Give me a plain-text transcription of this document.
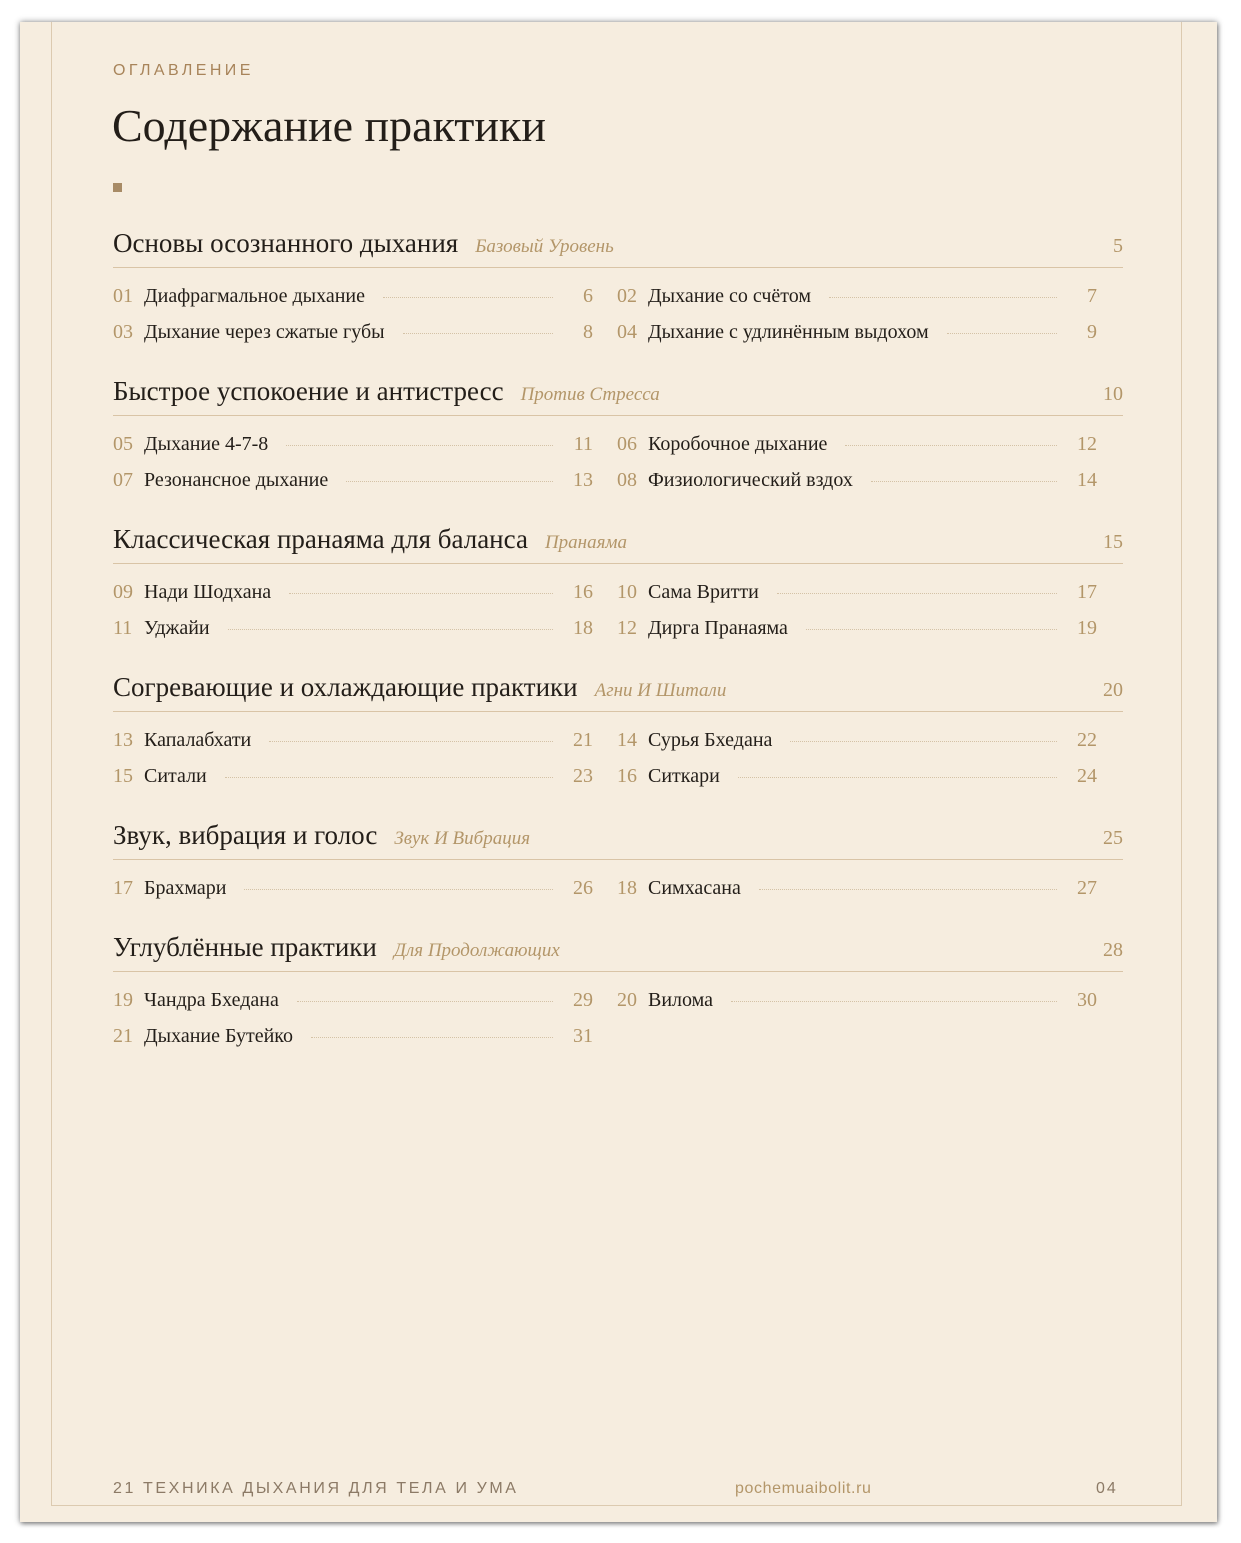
ОГЛАВЛЕНИЕ

Содержание практики
Основы осознанного дыхания Базовый Уровень	5
01 Диафрагмальное дыхание	6 02 Дыхание со счётом	7
03 Дыхание через сжатые губы	8 04 Дыхание с удлинённым выдохом	9
Быстрое успокоение и антистресс Против Стресса	10
05 Дыхание 4-7-8	11 06 Коробочное дыхание	12
07 Резонансное дыхание	13 08 Физиологический вздох	14
Классическая пранаяма для баланса Пранаяма	15
09 Нади Шодхана	16 10 Сама Вритти	17
11 Уджайи	18 12 Дирга Пранаяма	19
Согревающие и охлаждающие практики Агни И Шитали	20
13 Капалабхати	21 14 Сурья Бхедана	22
15 Ситали	23 16 Ситкари	24
Звук, вибрация и голос Звук И Вибрация	25
17 Брахмари	26 18 Симхасана	27
Углублённые практики Для Продолжающих	28
19 Чандра Бхедана	29 20 Вилома	30
21 Дыхание Бутейко	31

21 ТЕХНИКА ДЫХАНИЯ ДЛЯ ТЕЛА И УМА	pochemuaibolit.ru	04
